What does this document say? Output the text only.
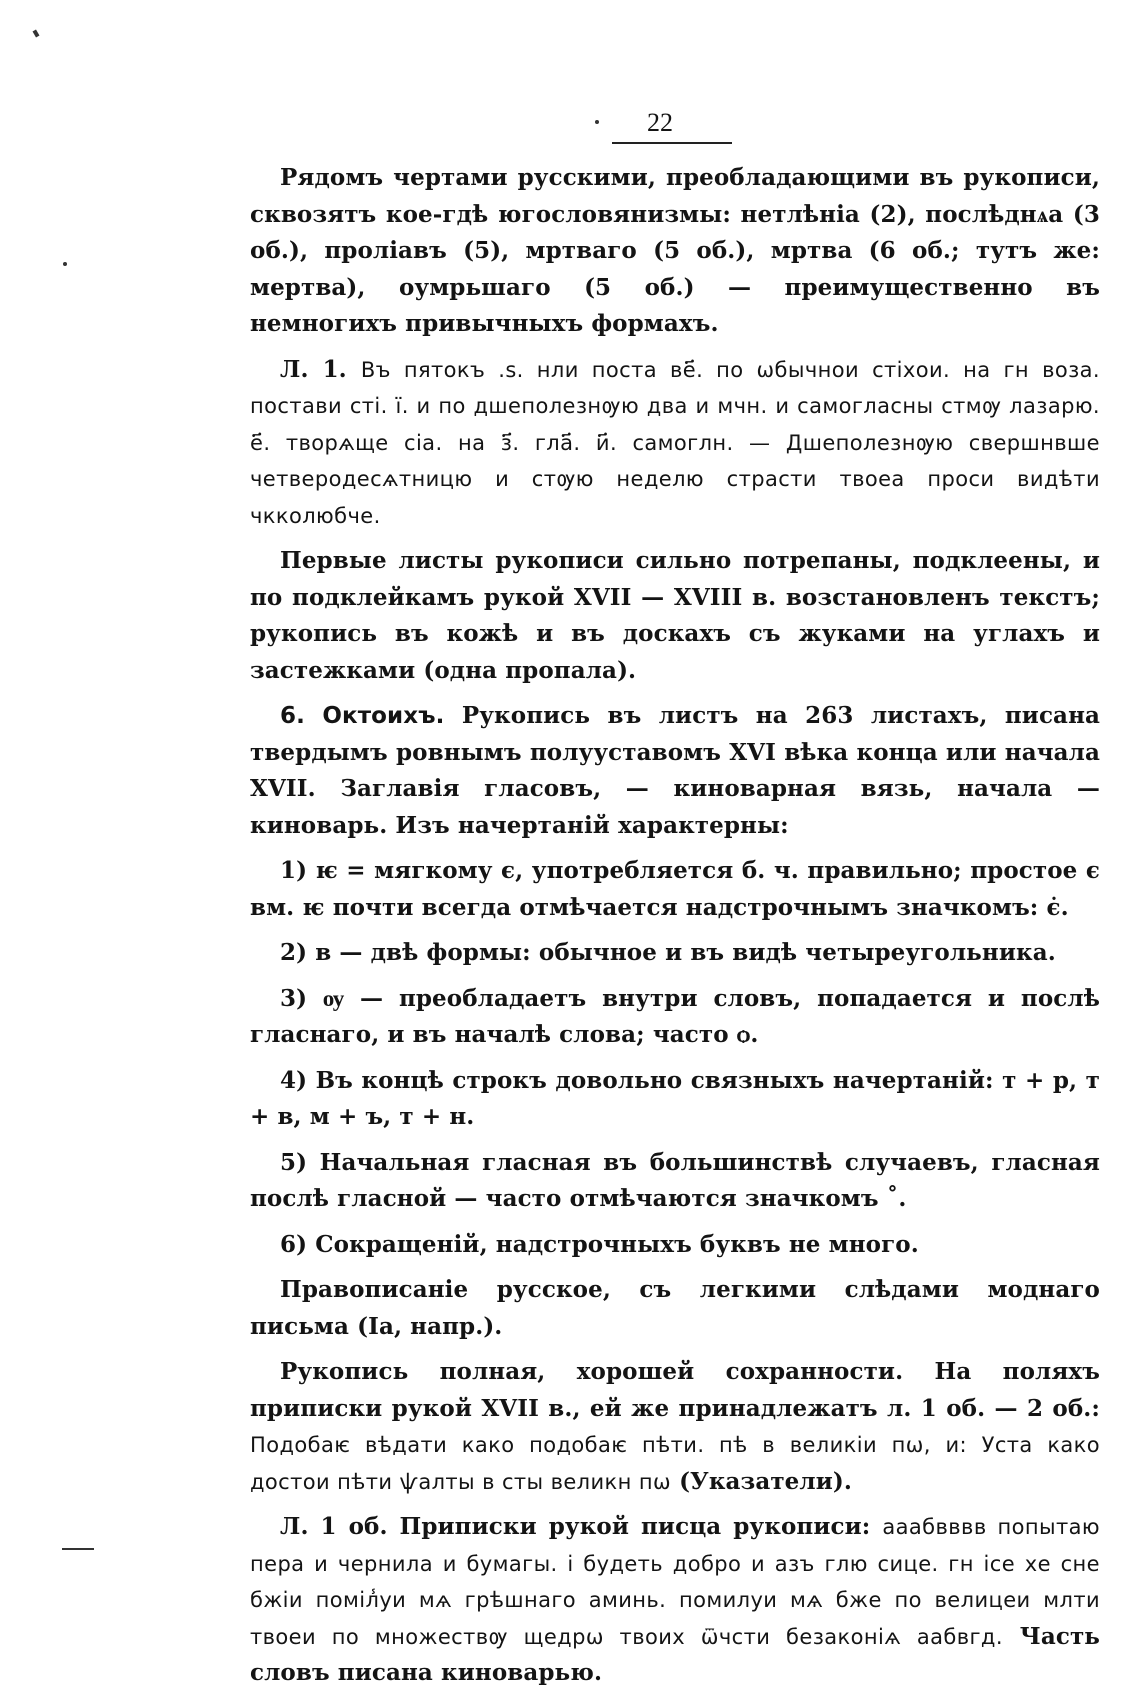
22

Рядомъ чертами русскими, преобладающими въ рукописи, сквозятъ кое-гдѣ югословянизмы: нетлѣніа (2), послѣднѧа (3 об.), проліавъ (5), мртваго (5 об.), мртва (6 об.; тутъ же: мертва), оумрьшаго (5 об.) — преимущественно въ немногихъ привычныхъ формахъ.

Л. 1. Въ пятокъ .ѕ. нли поста ве҃. по ѡбычнои стіхои. на гн воза. постави сті. ї. и по дшеполезнѹю два и мчн. и самогласны стмѹ лазарю. е҃. творѧще сіа. на з҃. гла҃. и҃. самоглн. — Дшеполезнѹю свершнвше четверодесѧтницю и стѹю неделю страсти твоеа проси видѣти чкколюбче.

Первые листы рукописи сильно потрепаны, подклеены, и по подклейкамъ рукой XVII — XVIII в. возстановленъ текстъ; рукопись въ кожѣ и въ доскахъ съ жуками на углахъ и застежками (одна пропала).

6. Октоихъ. Рукопись въ листъ на 263 листахъ, писана твердымъ ровнымъ полууставомъ XVI вѣка конца или начала XVII. Заглавія гласовъ, — киноварная вязь, начала — киноварь. Изъ начертаній характерны:

1) ѥ = мягкому є, употребляется б. ч. правильно; простое є вм. ѥ почти всегда отмѣчается надстрочнымъ значкомъ: є̇.

2) в — двѣ формы: обычное и въ видѣ четыреугольника.

3) ѹ — преобладаетъ внутри словъ, попадается и послѣ гласнаго, и въ началѣ слова; часто ѻ.

4) Въ концѣ строкъ довольно связныхъ начертаній: т + р, т + в, м + ъ, т + н.

5) Начальная гласная въ большинствѣ случаевъ, гласная послѣ гласной — часто отмѣчаются значкомъ ˚.

6) Сокращеній, надстрочныхъ буквъ не много.

Правописаніе русское, съ легкими слѣдами моднаго письма (Іа, напр.).

Рукопись полная, хорошей сохранности. На поляхъ приписки рукой XVII в., ей же принадлежатъ л. 1 об. — 2 об.: Подобаѥ вѣдати како подобаѥ пѣти. пѣ в великіи пѡ, и: Уста како достои пѣти ѱалты в сты великн пѡ (Указатели).

Л. 1 об. Приписки рукой писца рукописи: ааабвввв попытаю пера и чернила и бумагы. і будеть добро и азъ глю сице. гн ісе хе сне бжіи поміл̾уи мѧ грѣшнаго аминь. помилуи мѧ бже по велицеи млти твоеи по множествѹ щедрѡ твоих ѿчсти безаконіѧ аабвгд. Часть словъ писана киноварью.
